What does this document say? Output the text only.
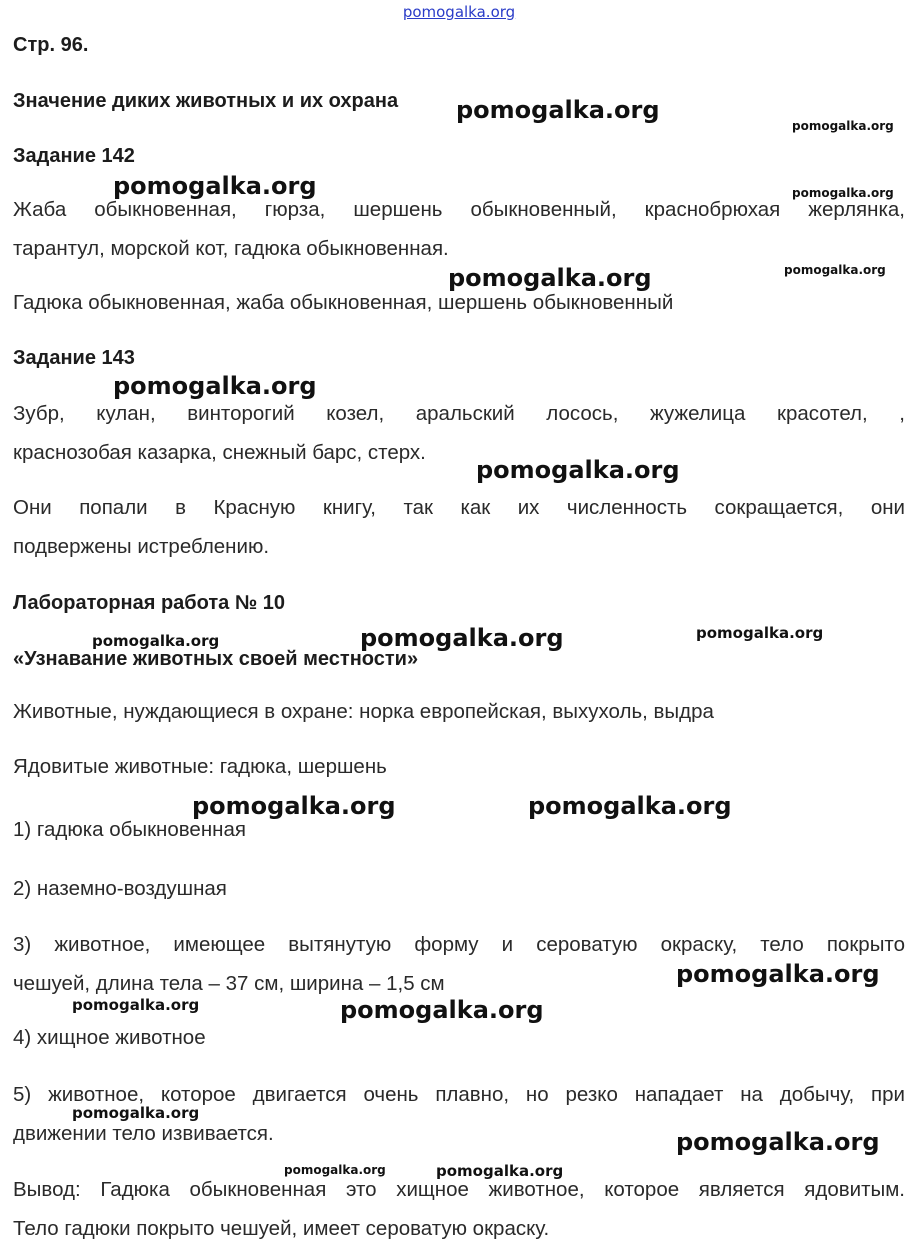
pomogalka.org
Стр. 96.
Значение диких животных и их охрана
Задание 142
Жаба обыкновенная, гюрза, шершень обыкновенный, краснобрюхая жерлянка,
тарантул, морской кот, гадюка обыкновенная.
Гадюка обыкновенная, жаба обыкновенная, шершень обыкновенный
Задание 143
Зубр, кулан, винторогий козел, аральский лосось, жужелица красотел, ,
краснозобая казарка, снежный барс, стерх.
Они попали в Красную книгу, так как их численность сокращается, они
подвержены истреблению.
Лабораторная работа № 10
«Узнавание животных своей местности»
Животные, нуждающиеся в охране: норка европейская, выхухоль, выдра
Ядовитые животные: гадюка, шершень
1) гадюка обыкновенная
2) наземно-воздушная
3) животное, имеющее вытянутую форму и сероватую окраску, тело покрыто
чешуей, длина тела – 37 см, ширина – 1,5 см
4) хищное животное
5) животное, которое двигается очень плавно, но резко нападает на добычу, при
движении тело извивается.
Вывод: Гадюка обыкновенная это хищное животное, которое является ядовитым.
Тело гадюки покрыто чешуей, имеет сероватую окраску.
pomogalka.org
pomogalka.org
pomogalka.org	pomogalka.org
pomogalka.org	pomogalka.org
pomogalka.org
pomogalka.org
pomogalka.org	pomogalka.org	pomogalka.org
pomogalka.org	pomogalka.org
pomogalka.org
pomogalka.org	pomogalka.org
pomogalka.org
pomogalka.org
pomogalka.org	pomogalka.org
